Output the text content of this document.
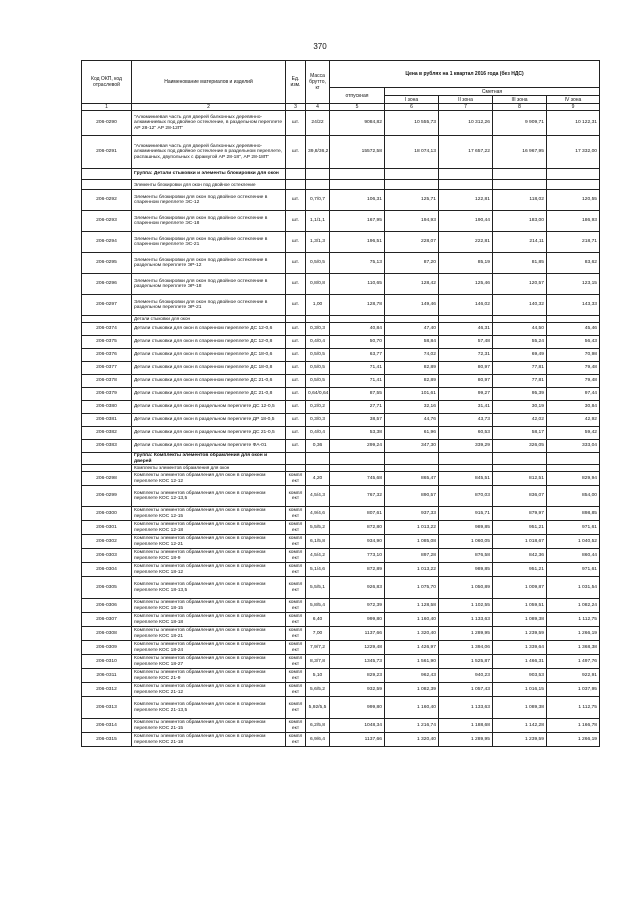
370
Код ОКП, код отраслевой	Наименование материалов и изделий	Ед. изм.	Масса брутто, кг	Цена в рублях на 1 квартал 2016 года (без НДС)				
				отпускная	Сметная			
					I зона	II зона	III зона	IV зона
1	2	3	4	5	6	7	8	9
206-0290	"Алюминиевая часть для дверей балконных деревянно-алюминиевых под двойное остекление, в раздельном переплете АР 28-12" АР 28-12П"	шт.	24/22	9084,82	10 555,73	10 312,26	9 909,71	10 122,31
206-0291	"Алюминиевая часть для дверей балконных деревянно-алюминиевых под двойное остекление в раздельном переплете, распашных, двупольных с фрамугой АР 28-18", АР 28-18П"	шт.	39,8/36,2	15572,58	18 074,13	17 657,22	16 967,95	17 332,00
	Группа: Детали стыковки и элементы блокировки для окон							
	Элементы блокировки для окон под двойное остекление							
206-0292	Элементы блокировки для окон под двойное остекление в спаренном переплете ЭС-12	шт.	0,7/0,7	106,31	125,71	122,81	118,02	120,55
206-0293	Элементы блокировки для окон под двойное остекление в спаренном переплете ЭС-18	шт.	1,1/1,1	167,95	194,93	190,44	183,00	186,93
206-0294	Элементы блокировки для окон под двойное остекление в спаренном переплете ЭС-21	шт.	1,3/1,3	196,51	228,07	222,81	214,11	218,71
206-0295	Элементы блокировки для окон под двойное остекление в раздельном переплете ЭР-12	шт.	0,5/0,5	75,13	87,20	85,19	81,85	83,62
206-0296	Элементы блокировки для окон под двойное остекление в раздельном переплете ЭР-18	шт.	0,8/0,8	110,65	128,42	125,46	120,57	123,15
206-0297	Элементы блокировки для окон под двойное остекление в раздельном переплете ЭР-21	шт.	1,00	128,78	149,46	146,02	140,32	143,33
	Детали стыковки для окон							
206-0374	Детали стыковки для окон в спаренном переплете ДС 12-0,6	шт.	0,3/0,3	40,84	47,40	46,31	44,50	45,46
206-0375	Детали стыковки для окон в спаренном переплете ДС 12-0,8	шт.	0,4/0,4	50,70	58,84	57,48	55,24	56,43
206-0376	Детали стыковки для окон в спаренном переплете ДС 18-0,6	шт.	0,5/0,5	63,77	74,02	72,31	69,49	70,98
206-0377	Детали стыковки для окон в спаренном переплете ДС 18-0,8	шт.	0,5/0,5	71,41	82,89	80,97	77,81	79,48
206-0378	Детали стыковки для окон в спаренном переплете ДС 21-0,6	шт.	0,5/0,5	71,41	82,89	80,97	77,81	79,48
206-0379	Детали стыковки для окон в спаренном переплете ДС 21-0,8	шт.	0,64/0,64	87,55	101,61	99,27	95,39	97,44
206-0380	Детали стыковки для окон в раздельном переплете ДС 12-0,5	шт.	0,2/0,2	27,71	32,16	31,41	30,19	30,84
206-0381	Детали стыковки для окон в раздельном переплете ДР 18-0,5	шт.	0,3/0,3	38,57	44,76	43,73	42,02	42,92
206-0382	Детали стыковки для окон в раздельном переплете ДС 21-0,5	шт.	0,4/0,4	53,38	61,96	60,53	58,17	59,42
206-0383	Детали стыковки для окон в раздельном переплете ФА-01	шт.	0,36	299,24	347,30	339,29	326,05	333,04
	Группа: Комплекты элементов обрамления для окон и дверей							
	Комплекты элементов обрамления для окон							
206-0298	Комплекты элементов обрамления для окон в спаренном переплете КОС 12-12	компл ект	4,20	745,68	865,47	845,51	812,51	829,94
206-0299	Комплекты элементов обрамления для окон в спаренном переплете КОС 12-13,5	компл ект	4,5/4,3	767,32	890,57	870,03	836,07	854,00
206-0300	Комплекты элементов обрамления для окон в спаренном переплете КОС 12-15	компл ект	4,9/4,6	807,61	937,33	915,71	879,97	898,85
206-0301	Комплекты элементов обрамления для окон в спаренном переплете КОС 12-18	компл ект	5,5/5,2	872,80	1 013,22	989,85	951,21	971,61
206-0302	Комплекты элементов обрамления для окон в спаренном переплете КОС 12-21	компл ект	6,1/5,8	934,90	1 085,08	1 060,05	1 018,67	1 040,52
206-0303	Комплекты элементов обрамления для окон в спаренном переплете КОС 18-9	компл ект	4,5/4,2	773,10	897,28	876,58	842,36	860,44
206-0304	Комплекты элементов обрамления для окон в спаренном переплете КОС 18-12	компл ект	5,1/4,6	872,89	1 013,22	989,85	951,21	971,61
206-0305	Комплекты элементов обрамления для окон в спаренном переплете КОС 18-13,5	компл ект	5,5/5,1	926,83	1 075,70	1 050,89	1 009,87	1 031,54
206-0306	Комплекты элементов обрамления для окон в спаренном переплете КОС 18-15	компл ект	5,8/5,4	972,39	1 128,58	1 102,55	1 059,51	1 082,24
206-0307	Комплекты элементов обрамления для окон в спаренном переплете КОС 18-18	компл ект	6,40	999,80	1 160,40	1 133,63	1 089,38	1 112,75
206-0308	Комплекты элементов обрамления для окон в спаренном переплете КОС 18-21	компл ект	7,00	1137,66	1 320,40	1 289,95	1 239,59	1 266,19
206-0309	Комплекты элементов обрамления для окон в спаренном переплете КОС 18-24	компл ект	7,9/7,2	1229,48	1 426,97	1 394,06	1 339,64	1 368,38
206-0310	Комплекты элементов обрамления для окон в спаренном переплете КОС 18-27	компл ект	8,3/7,8	1345,73	1 561,90	1 525,87	1 466,31	1 497,76
206-0311	Комплекты элементов обрамления для окон в спаренном переплете КОС 21-9	компл ект	5,10	829,23	962,43	940,23	903,53	922,91
206-0312	Комплекты элементов обрамления для окон в спаренном переплете КОС 21-12	компл ект	5,6/5,2	932,59	1 082,39	1 057,43	1 016,15	1 037,95
206-0313	Комплекты элементов обрамления для окон в спаренном переплете КОС 21-13,5	компл ект	5,92/5,5	999,80	1 160,40	1 133,63	1 089,38	1 112,75
206-0314	Комплекты элементов обрамления для окон в спаренном переплете КОС 21-15	компл ект	6,2/5,8	1048,34	1 216,74	1 188,68	1 142,28	1 166,78
206-0315	Комплекты элементов обрамления для окон в спаренном переплете КОС 21-18	компл ект	6,9/6,4	1137,66	1 320,40	1 289,95	1 239,59	1 266,19
